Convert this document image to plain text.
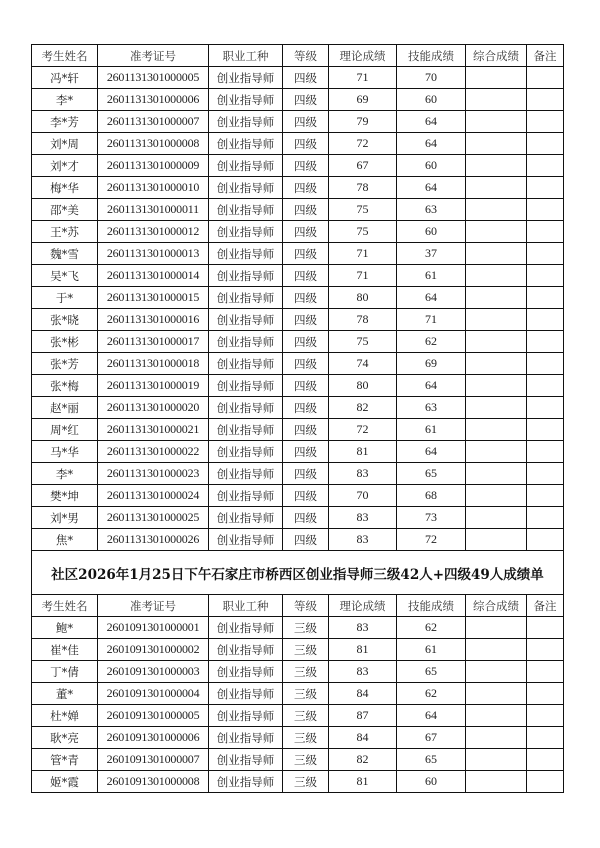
考生姓名	准考证号	职业工种	等级	理论成绩	技能成绩	综合成绩	备注
冯*轩	2601131301000005	创业指导师	四级	71	70		
李*	2601131301000006	创业指导师	四级	69	60		
李*芳	2601131301000007	创业指导师	四级	79	64		
刘*周	2601131301000008	创业指导师	四级	72	64		
刘*才	2601131301000009	创业指导师	四级	67	60		
梅*华	2601131301000010	创业指导师	四级	78	64		
邵*美	2601131301000011	创业指导师	四级	75	63		
王*苏	2601131301000012	创业指导师	四级	75	60		
魏*雪	2601131301000013	创业指导师	四级	71	37		
吴*飞	2601131301000014	创业指导师	四级	71	61		
于*	2601131301000015	创业指导师	四级	80	64		
张*晓	2601131301000016	创业指导师	四级	78	71		
张*彬	2601131301000017	创业指导师	四级	75	62		
张*芳	2601131301000018	创业指导师	四级	74	69		
张*梅	2601131301000019	创业指导师	四级	80	64		
赵*丽	2601131301000020	创业指导师	四级	82	63		
周*红	2601131301000021	创业指导师	四级	72	61		
马*华	2601131301000022	创业指导师	四级	81	64		
李*	2601131301000023	创业指导师	四级	83	65		
樊*坤	2601131301000024	创业指导师	四级	70	68		
刘*男	2601131301000025	创业指导师	四级	83	73		
焦*	2601131301000026	创业指导师	四级	83	72		
社区2026年1月25日下午石家庄市桥西区创业指导师三级42人+四级49人成绩单							
考生姓名	准考证号	职业工种	等级	理论成绩	技能成绩	综合成绩	备注
鲍*	2601091301000001	创业指导师	三级	83	62		
崔*佳	2601091301000002	创业指导师	三级	81	61		
丁*倩	2601091301000003	创业指导师	三级	83	65		
董*	2601091301000004	创业指导师	三级	84	62		
杜*婵	2601091301000005	创业指导师	三级	87	64		
耿*亮	2601091301000006	创业指导师	三级	84	67		
管*青	2601091301000007	创业指导师	三级	82	65		
姬*霞	2601091301000008	创业指导师	三级	81	60		
